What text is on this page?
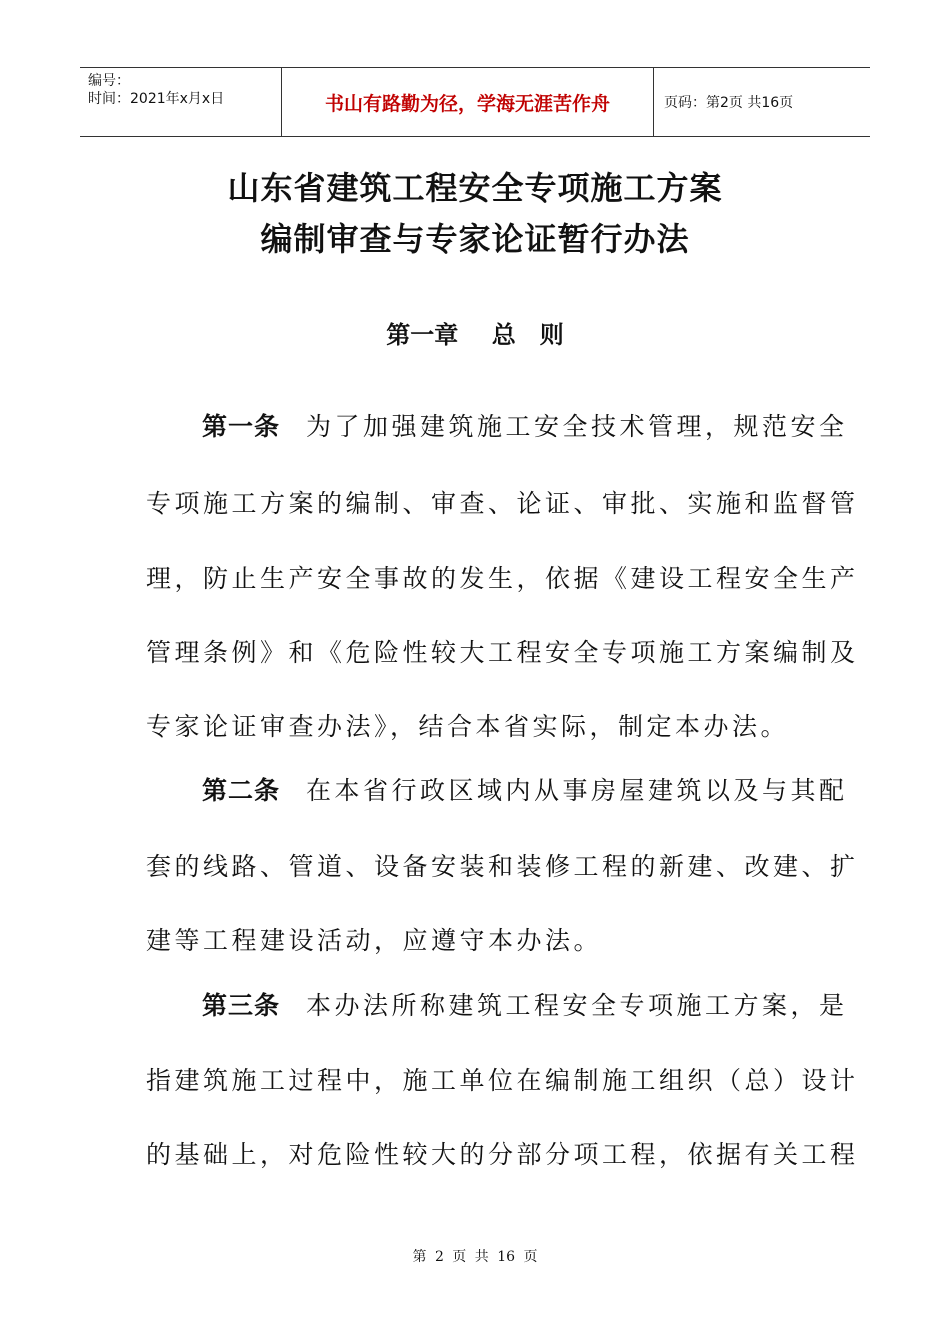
编号：
时间：2021年x月x日	书山有路勤为径，学海无涯苦作舟	页码：第2页 共16页
山东省建筑工程安全专项施工方案
编制审查与专家论证暂行办法
第一章 总　则
第一条 为了加强建筑施工安全技术管理，规范安全
专项施工方案的编制、审查、论证、审批、实施和监督管
理，防止生产安全事故的发生，依据《建设工程安全生产
管理条例》和《危险性较大工程安全专项施工方案编制及
专家论证审查办法》，结合本省实际，制定本办法。
第二条 在本省行政区域内从事房屋建筑以及与其配
套的线路、管道、设备安装和装修工程的新建、改建、扩
建等工程建设活动，应遵守本办法。
第三条 本办法所称建筑工程安全专项施工方案，是
指建筑施工过程中，施工单位在编制施工组织（总）设计
的基础上，对危险性较大的分部分项工程，依据有关工程
第 2 页 共 16 页
